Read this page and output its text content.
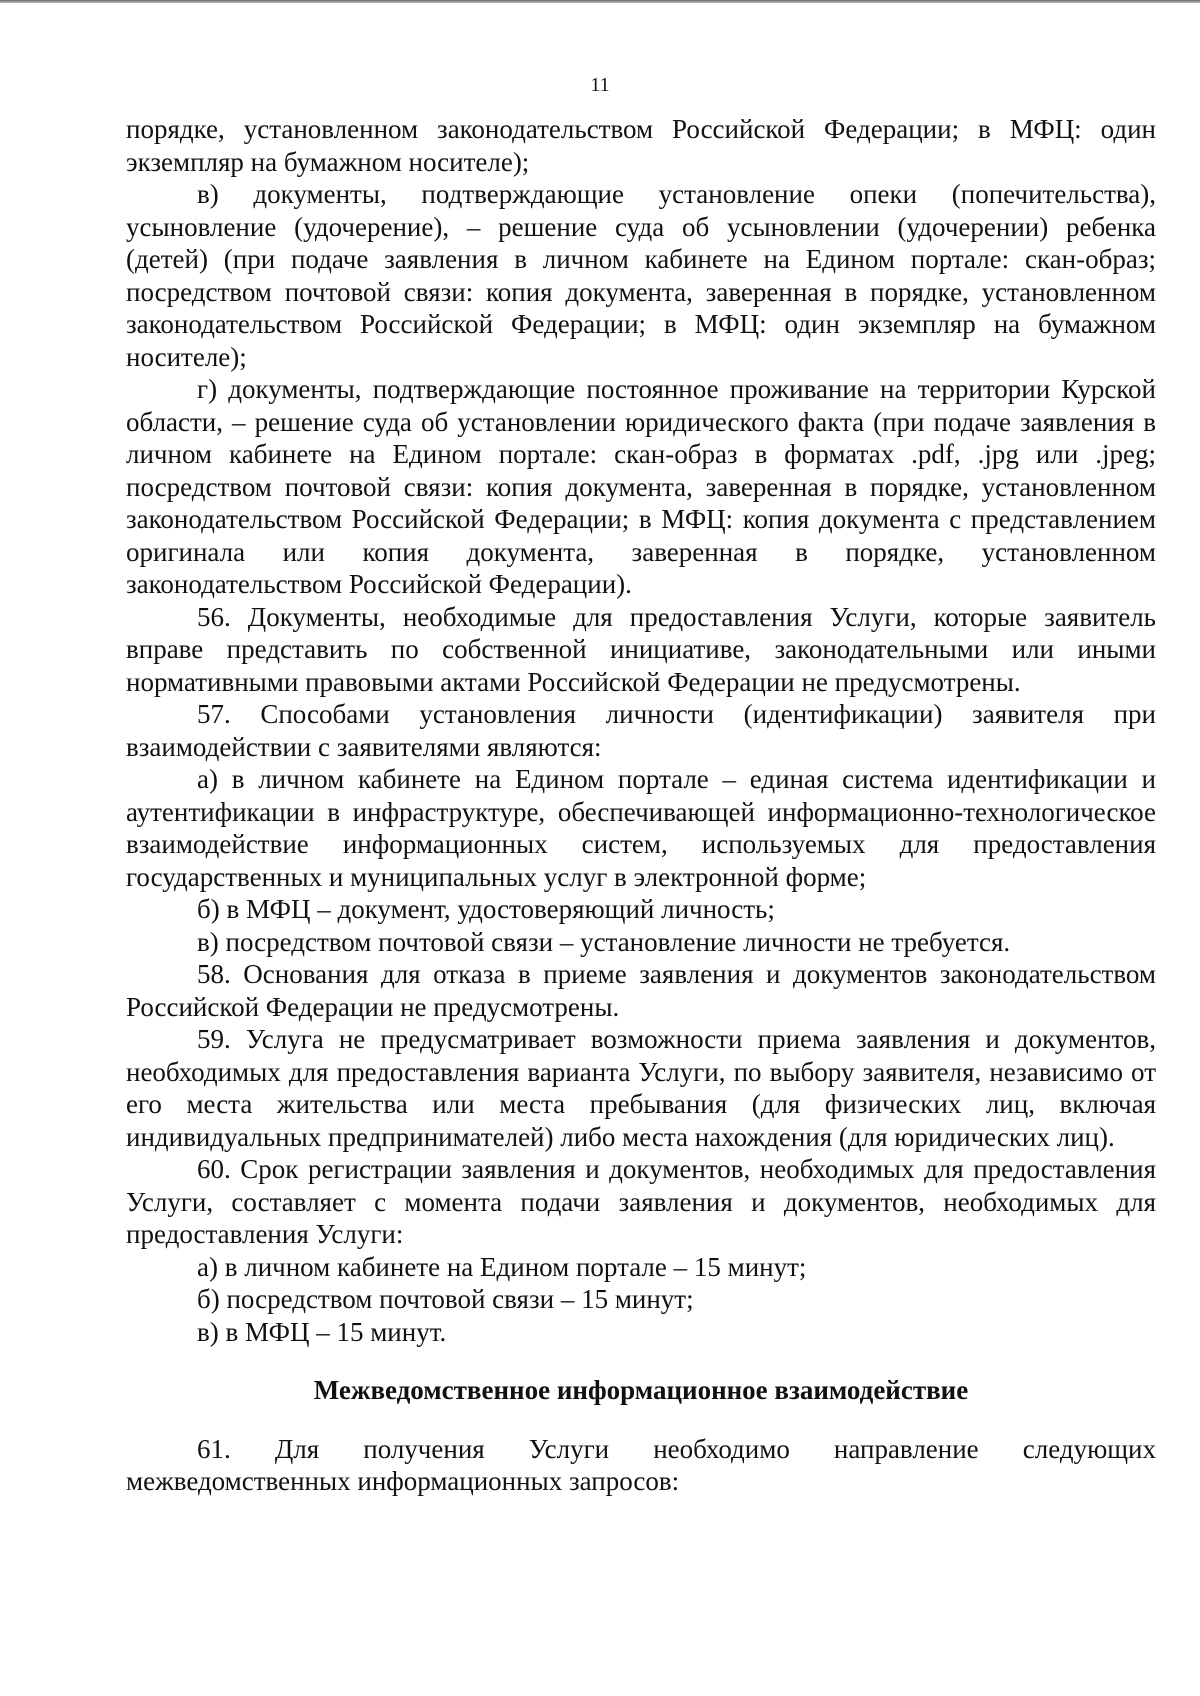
11

порядке, установленном законодательством Российской Федерации; в МФЦ: один экземпляр на бумажном носителе);

в) документы, подтверждающие установление опеки (попечительства), усыновление (удочерение), – решение суда об усыновлении (удочерении) ребенка (детей) (при подаче заявления в личном кабинете на Едином портале: скан-образ; посредством почтовой связи: копия документа, заверенная в порядке, установленном законодательством Российской Федерации; в МФЦ: один экземпляр на бумажном носителе);

г) документы, подтверждающие постоянное проживание на территории Курской области, – решение суда об установлении юридического факта (при подаче заявления в личном кабинете на Едином портале: скан-образ в форматах .pdf, .jpg или .jpeg; посредством почтовой связи: копия документа, заверенная в порядке, установленном законодательством Российской Федерации; в МФЦ: копия документа с представлением оригинала или копия документа, заверенная в порядке, установленном законодательством Российской Федерации).

56. Документы, необходимые для предоставления Услуги, которые заявитель вправе представить по собственной инициативе, законодательными или иными нормативными правовыми актами Российской Федерации не предусмотрены.

57. Способами установления личности (идентификации) заявителя при взаимодействии с заявителями являются:

а) в личном кабинете на Едином портале – единая система идентификации и аутентификации в инфраструктуре, обеспечивающей информационно-технологическое взаимодействие информационных систем, используемых для предоставления государственных и муниципальных услуг в электронной форме;

б) в МФЦ – документ, удостоверяющий личность;

в) посредством почтовой связи – установление личности не требуется.

58. Основания для отказа в приеме заявления и документов законодательством Российской Федерации не предусмотрены.

59. Услуга не предусматривает возможности приема заявления и документов, необходимых для предоставления варианта Услуги, по выбору заявителя, независимо от его места жительства или места пребывания (для физических лиц, включая индивидуальных предпринимателей) либо места нахождения (для юридических лиц).

60. Срок регистрации заявления и документов, необходимых для предоставления Услуги, составляет с момента подачи заявления и документов, необходимых для предоставления Услуги:

а) в личном кабинете на Едином портале – 15 минут;

б) посредством почтовой связи – 15 минут;

в) в МФЦ – 15 минут.

Межведомственное информационное взаимодействие

61. Для получения Услуги необходимо направление следующих межведомственных информационных запросов:
